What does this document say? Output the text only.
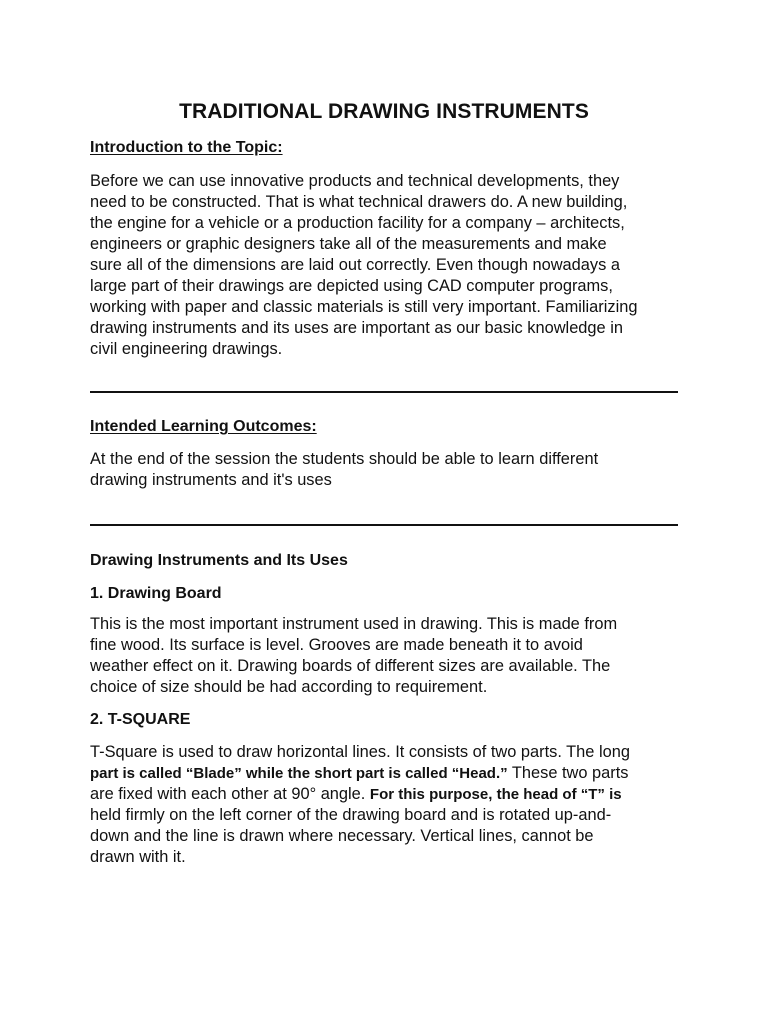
TRADITIONAL DRAWING INSTRUMENTS
Introduction to the Topic:

Before we can use innovative products and technical developments, they
need to be constructed. That is what technical drawers do. A new building,
the engine for a vehicle or a production facility for a company – architects,
engineers or graphic designers take all of the measurements and make
sure all of the dimensions are laid out correctly. Even though nowadays a
large part of their drawings are depicted using CAD computer programs,
working with paper and classic materials is still very important. Familiarizing
drawing instruments and its uses are important as our basic knowledge in
civil engineering drawings.

Intended Learning Outcomes:

At the end of the session the students should be able to learn different
drawing instruments and it's uses

Drawing Instruments and Its Uses
1. Drawing Board

This is the most important instrument used in drawing. This is made from
fine wood. Its surface is level. Grooves are made beneath it to avoid
weather effect on it. Drawing boards of different sizes are available. The
choice of size should be had according to requirement.

2. T-SQUARE

T-Square is used to draw horizontal lines. It consists of two parts. The long
part is called “Blade” while the short part is called “Head.” These two parts
are fixed with each other at 90° angle. For this purpose, the head of “T” is
held firmly on the left corner of the drawing board and is rotated up-and-
down and the line is drawn where necessary. Vertical lines, cannot be
drawn with it.
